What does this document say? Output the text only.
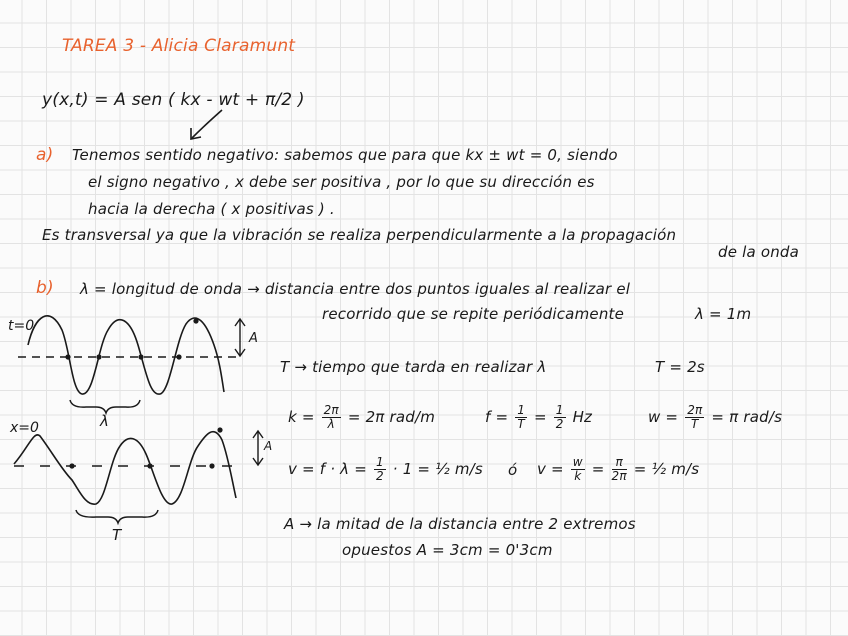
TAREA 3 - Alicia Claramunt
y(x,t) = A sen ( kx - wt + π/2 )
a) Tenemos sentido negativo: sabemos que para que kx ± wt = 0, siendo
el signo negativo , x debe ser positiva , por lo que su dirección es
hacia la derecha ( x positivas ) .
Es transversal ya que la vibración se realiza perpendicularmente a la propagación
de la onda
b) λ = longitud de onda → distancia entre dos puntos iguales al realizar el
recorrido que se repite periódicamente	λ = 1m
T → tiempo que tarda en realizar λ	T = 2s
$k = \frac{2\pi}{\lambda} = 2\pi$ rad/m	$f = \frac{1}{T} = \frac{1}{2}$ Hz	$w = \frac{2\pi}{T} = \pi$ rad/s
$v = f \cdot \lambda = \frac{1}{2} \cdot 1$ = ½ m/s ó $v = \frac{w}{k} = \frac{\pi}{2\pi}$ = ½ m/s
A → la mitad de la distancia entre 2 extremos
opuestos A = 3cm = 0'3cm
t=0
A
λ
x=0
A
T
